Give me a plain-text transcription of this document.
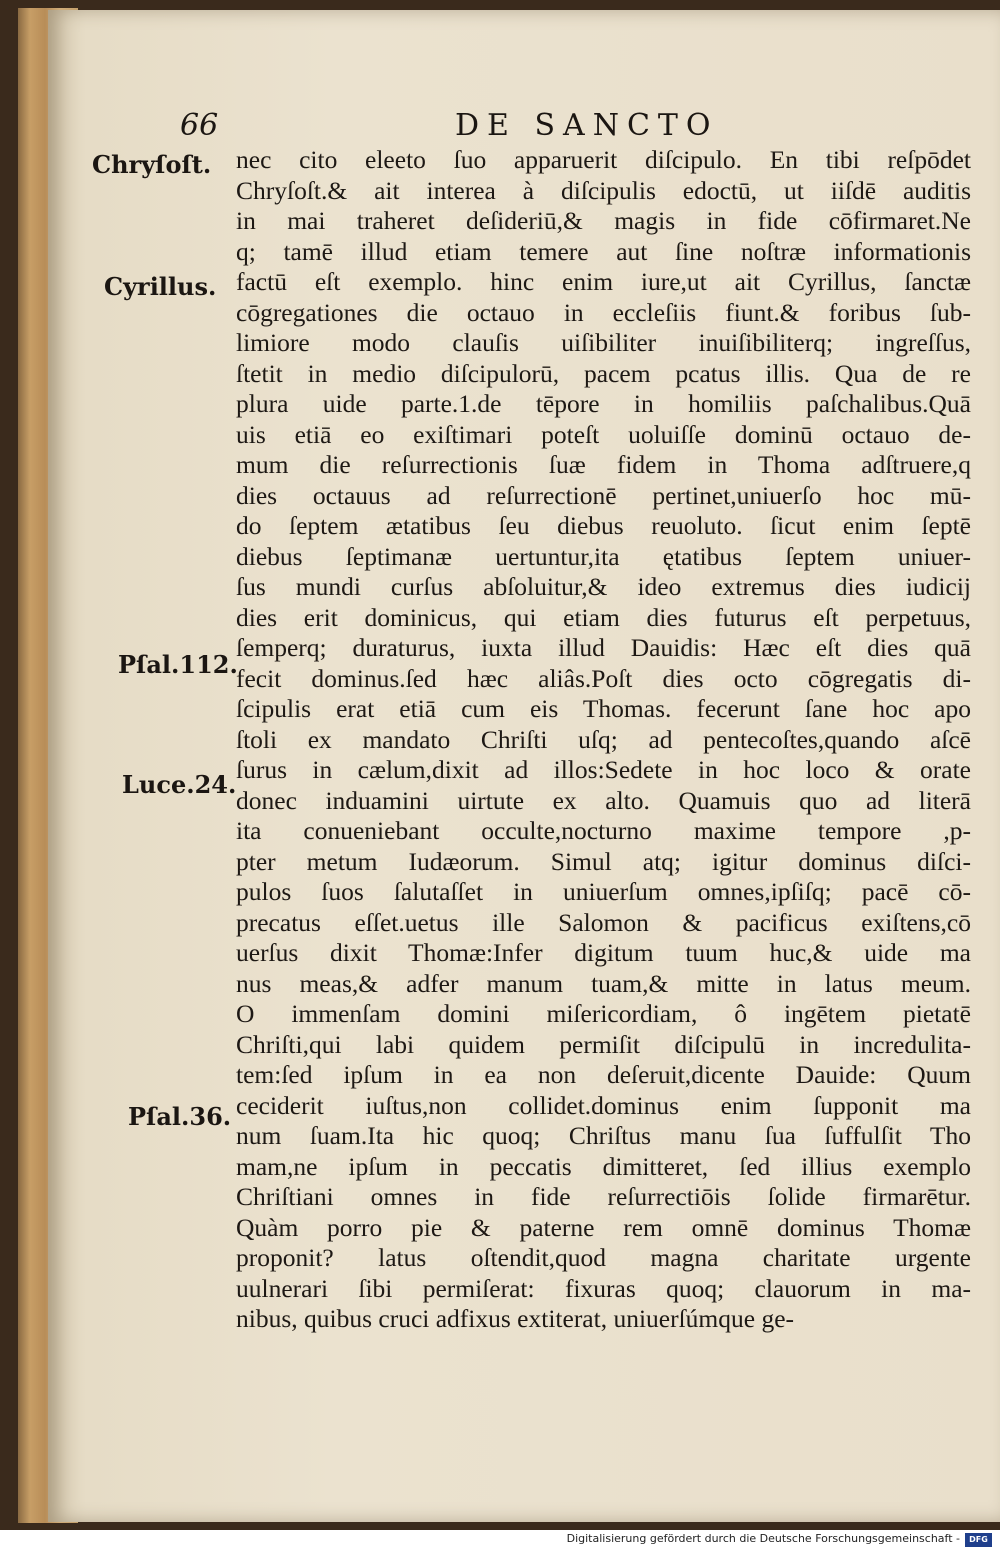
66	DE SANCTO
Chryſoſt.
Cyrillus.
Pſal.112.
Luce.24.
Pſal.36.
nec cito eleeto ſuo apparuerit diſcipulo. En tibi reſpōdet
Chryſoſt.& ait interea à diſcipulis edoctū, ut iiſdē auditis
in mai traheret deſideriū,& magis in fide cōfirmaret.Ne
q; tamē illud etiam temere aut ſine noſtræ informationis
factū eſt exemplo. hinc enim iure,ut ait Cyrillus, ſanctæ
cōgregationes die octauo in eccleſiis fiunt.& foribus ſub-
limiore modo clauſis uiſibiliter inuiſibiliterq; ingreſſus,
ſtetit in medio diſcipulorū, pacem pcatus illis. Qua de re
plura uide parte.1.de tēpore in homiliis paſchalibus.Quā
uis etiā eo exiſtimari poteſt uoluiſſe dominū octauo de-
mum die reſurrectionis ſuæ fidem in Thoma adſtruere,q
dies octauus ad reſurrectionē pertinet,uniuerſo hoc mū-
do ſeptem ætatibus ſeu diebus reuoluto. ſicut enim ſeptē
diebus ſeptimanæ uertuntur,ita ętatibus ſeptem uniuer-
ſus mundi curſus abſoluitur,& ideo extremus dies iudicij
dies erit dominicus, qui etiam dies futurus eſt perpetuus,
ſemperq; duraturus, iuxta illud Dauidis: Hæc eſt dies quā
fecit dominus.ſed hæc aliâs.Poſt dies octo cōgregatis di-
ſcipulis erat etiā cum eis Thomas. fecerunt ſane hoc apo
ſtoli ex mandato Chriſti uſq; ad pentecoſtes,quando aſcē
ſurus in cælum,dixit ad illos:Sedete in hoc loco & orate
donec induamini uirtute ex alto. Quamuis quo ad literā
ita conueniebant occulte,nocturno maxime tempore ,p-
pter metum Iudæorum. Simul atq; igitur dominus diſci-
pulos ſuos ſalutaſſet in uniuerſum omnes,ipſiſq; pacē cō-
precatus eſſet.uetus ille Salomon & pacificus exiſtens,cō
uerſus dixit Thomæ:Infer digitum tuum huc,& uide ma
nus meas,& adfer manum tuam,& mitte in latus meum.
O immenſam domini miſericordiam, ô ingētem pietatē
Chriſti,qui labi quidem permiſit diſcipulū in incredulita-
tem:ſed ipſum in ea non deſeruit,dicente Dauide: Quum
ceciderit iuſtus,non collidet.dominus enim ſupponit ma
num ſuam.Ita hic quoq; Chriſtus manu ſua ſuffulſit Tho
mam,ne ipſum in peccatis dimitteret, ſed illius exemplo
Chriſtiani omnes in fide reſurrectiōis ſolide firmarētur.
Quàm porro pie & paterne rem omnē dominus Thomæ
proponit? latus oſtendit,quod magna charitate urgente
uulnerari ſibi permiſerat: fixuras quoq; clauorum in ma-
nibus, quibus cruci adfixus extiterat, uniuerſúmque ge-
Digitalisierung gefördert durch die Deutsche Forschungsgemeinschaft -	DFG
